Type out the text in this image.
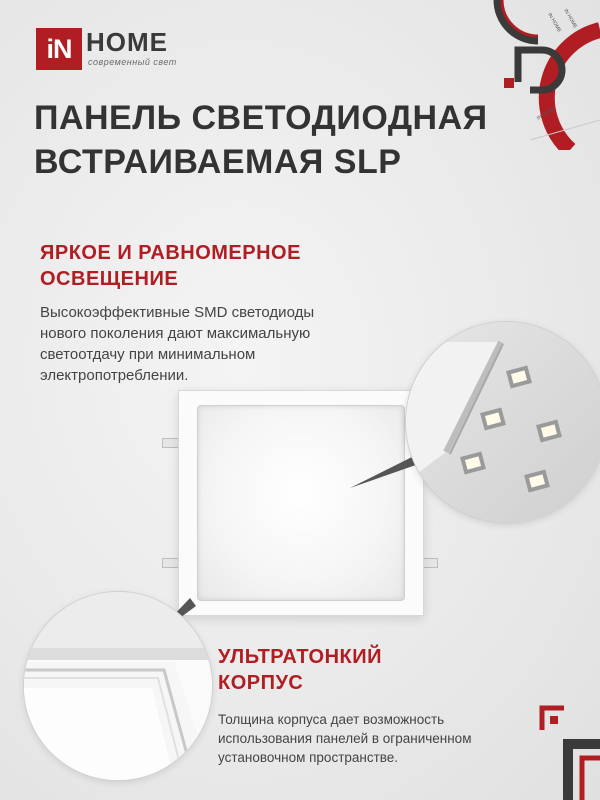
iN HOME
современный свет
IN HOME IN HOME
IN HOME
ПАНЕЛЬ СВЕТОДИОДНАЯ
ВСТРАИВАЕМАЯ SLP
ЯРКОЕ И РАВНОМЕРНОЕ
ОСВЕЩЕНИЕ
Высокоэффективные SMD светодиоды
нового поколения дают максимальную
светоотдачу при минимальном
электропотреблении.
УЛЬТРАТОНКИЙ
КОРПУС
Толщина корпуса дает возможность
использования панелей в ограниченном
установочном пространстве.
